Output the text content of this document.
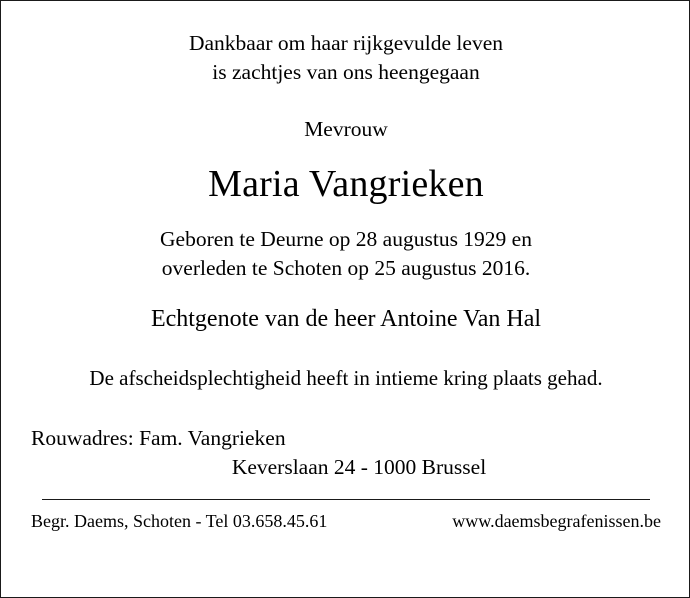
Dankbaar om haar rijkgevulde leven
is zachtjes van ons heengegaan
Mevrouw
Maria Vangrieken
Geboren te Deurne op 28 augustus 1929 en
overleden te Schoten op 25 augustus 2016.
Echtgenote van de heer Antoine Van Hal
De afscheidsplechtigheid heeft in intieme kring plaats gehad.
Rouwadres: Fam. Vangrieken
Keverslaan 24 - 1000 Brussel
Begr. Daems, Schoten - Tel 03.658.45.61	www.daemsbegrafenissen.be
